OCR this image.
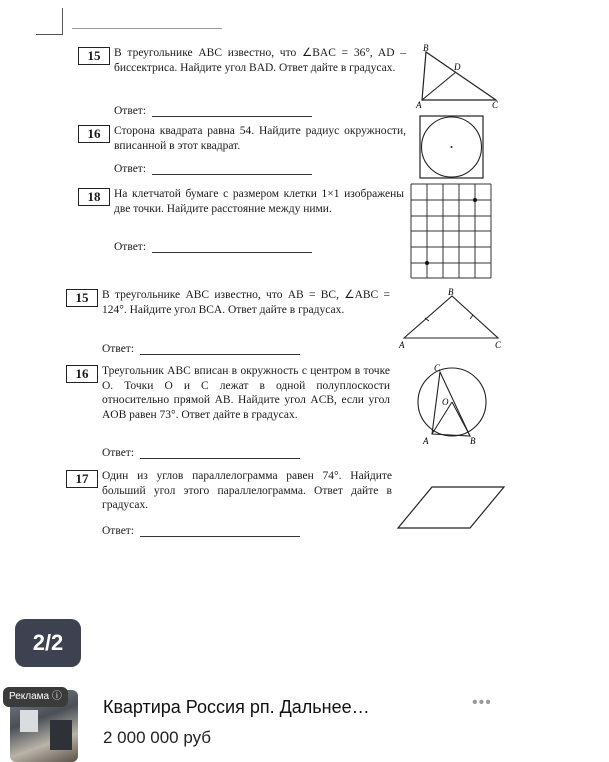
15	В треугольнике ABC известно, что ∠BAC = 36°, AD – биссектриса. Найдите угол BAD. Ответ дайте в градусах.
Ответ:
B
D
A	C
16	Сторона квадрата равна 54. Найдите радиус окружности, вписанной в этот квадрат.
Ответ:
18	На клетчатой бумаге с размером клетки 1×1 изображены две точки. Найдите расстояние между ними.
Ответ:
15	В треугольнике ABC известно, что AB = BC, ∠ABC = 124°. Найдите угол BCA. Ответ дайте в градусах.
Ответ:
B
A	C
16	Треугольник ABC вписан в окружность с центром в точке O. Точки O и C лежат в одной полуплоскости относительно прямой AB. Найдите угол ACB, если угол AOB равен 73°. Ответ дайте в градусах.
Ответ:
C
O
A	B
17	Один из углов параллелограмма равен 74°. Найдите больший угол этого параллелограмма. Ответ дайте в градусах.
Ответ:
2/2
Реклама ⓘ
Квартира Россия рп. Дальнее…
2 000 000 руб
•••
